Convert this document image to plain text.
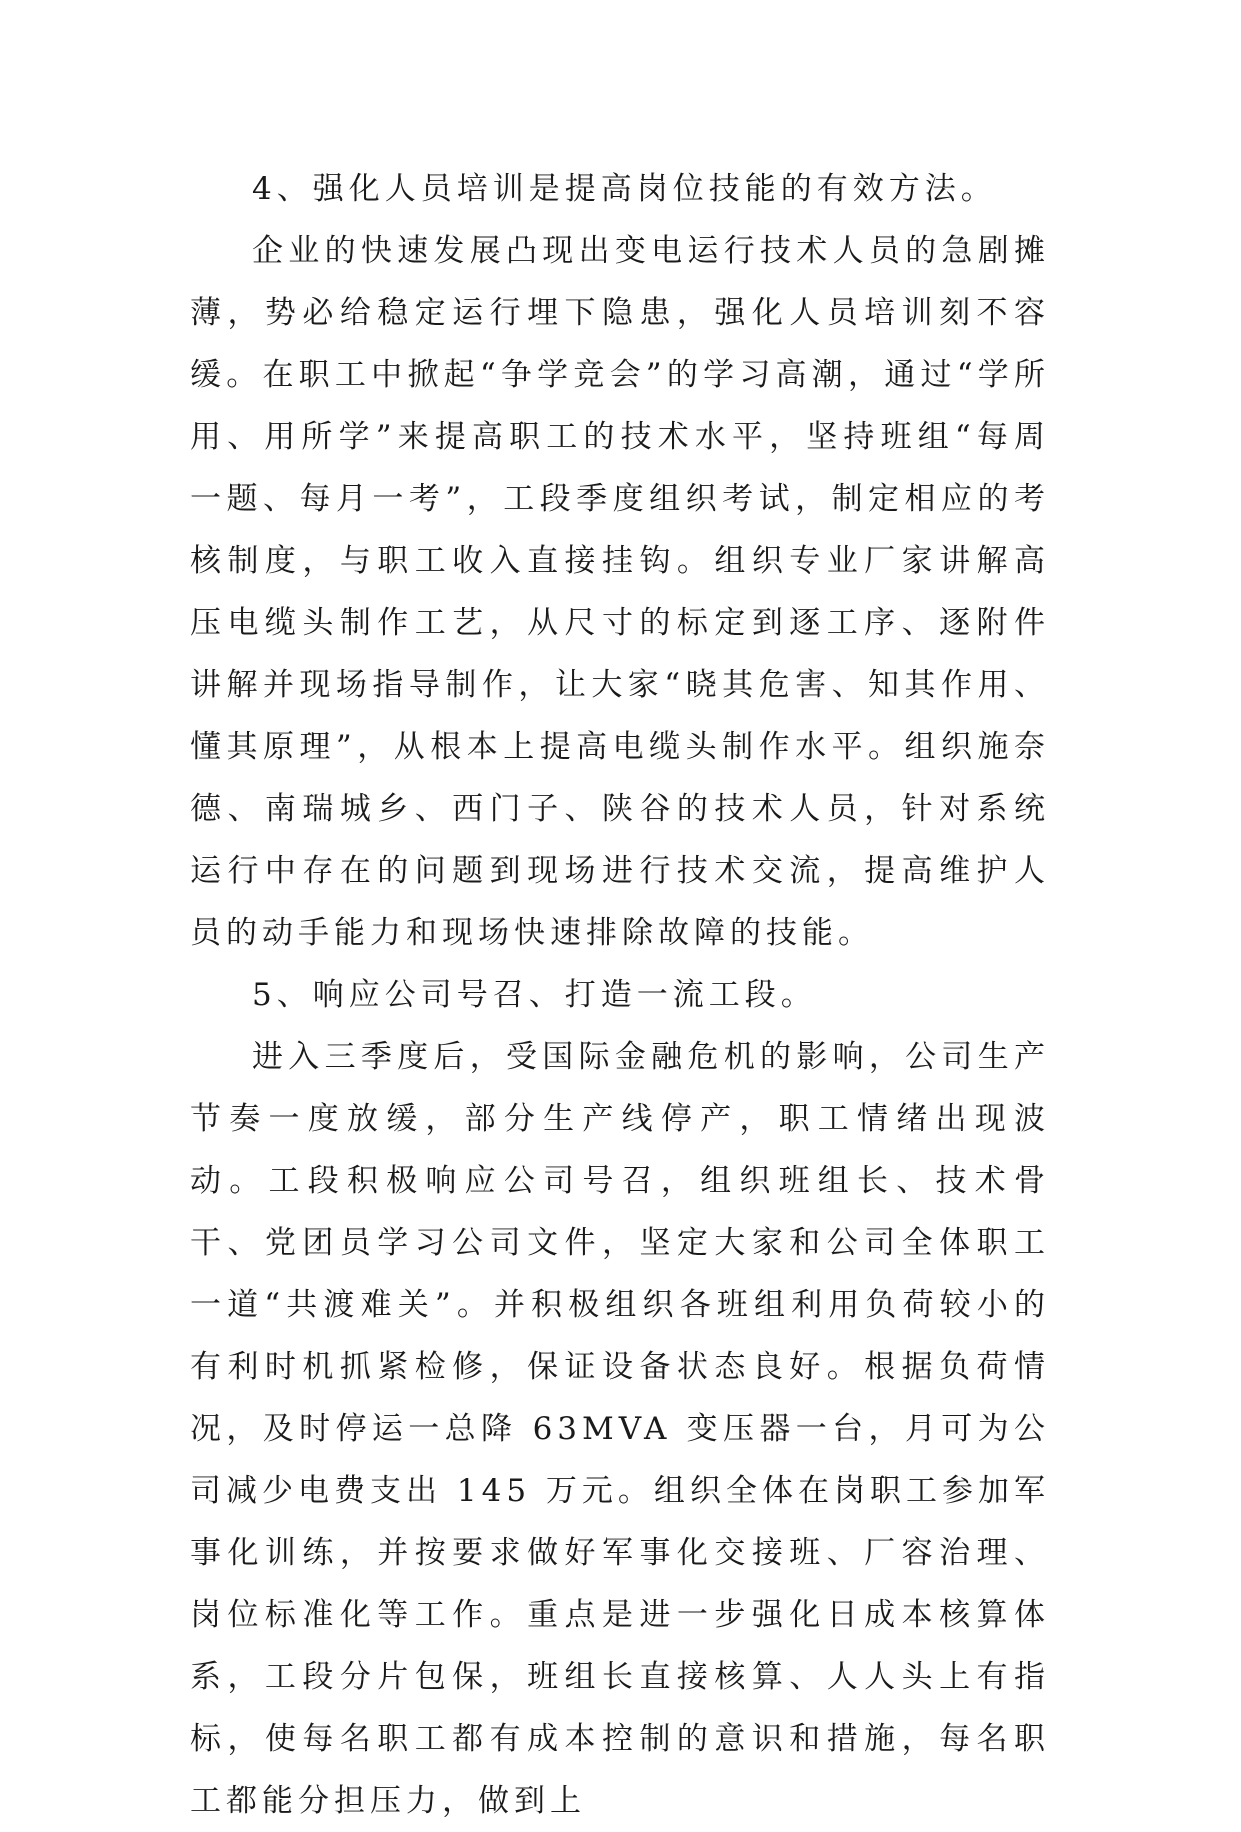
4、强化人员培训是提高岗位技能的有效方法。

企业的快速发展凸现出变电运行技术人员的急剧摊薄，势必给稳定运行埋下隐患，强化人员培训刻不容缓。在职工中掀起“争学竞会”的学习高潮，通过“学所用、用所学”来提高职工的技术水平，坚持班组“每周一题、每月一考”，工段季度组织考试，制定相应的考核制度，与职工收入直接挂钩。组织专业厂家讲解高压电缆头制作工艺，从尺寸的标定到逐工序、逐附件讲解并现场指导制作，让大家“晓其危害、知其作用、懂其原理”，从根本上提高电缆头制作水平。组织施奈德、南瑞城乡、西门子、陕谷的技术人员，针对系统运行中存在的问题到现场进行技术交流，提高维护人员的动手能力和现场快速排除故障的技能。

5、响应公司号召、打造一流工段。

进入三季度后，受国际金融危机的影响，公司生产节奏一度放缓，部分生产线停产，职工情绪出现波动。工段积极响应公司号召，组织班组长、技术骨干、党团员学习公司文件，坚定大家和公司全体职工一道“共渡难关”。并积极组织各班组利用负荷较小的有利时机抓紧检修，保证设备状态良好。根据负荷情况，及时停运一总降 63MVA 变压器一台，月可为公司减少电费支出 145 万元。组织全体在岗职工参加军事化训练，并按要求做好军事化交接班、厂容治理、岗位标准化等工作。重点是进一步强化日成本核算体系，工段分片包保，班组长直接核算、人人头上有指标，使每名职工都有成本控制的意识和措施，每名职工都能分担压力，做到上
